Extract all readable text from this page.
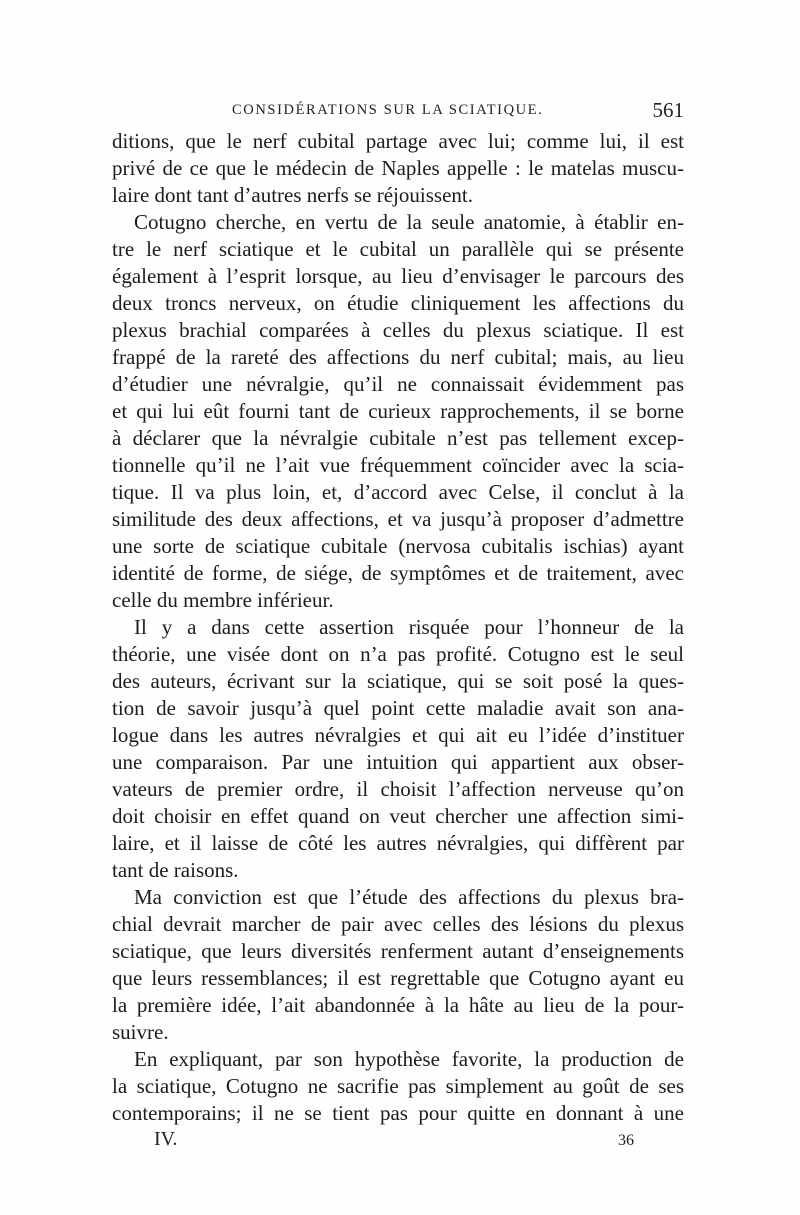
CONSIDÉRATIONS SUR LA SCIATIQUE.	561
ditions, que le nerf cubital partage avec lui; comme lui, il est
privé de ce que le médecin de Naples appelle : le matelas muscu-
laire dont tant d’autres nerfs se réjouissent.
Cotugno cherche, en vertu de la seule anatomie, à établir en-
tre le nerf sciatique et le cubital un parallèle qui se présente
également à l’esprit lorsque, au lieu d’envisager le parcours des
deux troncs nerveux, on étudie cliniquement les affections du
plexus brachial comparées à celles du plexus sciatique. Il est
frappé de la rareté des affections du nerf cubital; mais, au lieu
d’étudier une névralgie, qu’il ne connaissait évidemment pas
et qui lui eût fourni tant de curieux rapprochements, il se borne
à déclarer que la névralgie cubitale n’est pas tellement excep-
tionnelle qu’il ne l’ait vue fréquemment coïncider avec la scia-
tique. Il va plus loin, et, d’accord avec Celse, il conclut à la
similitude des deux affections, et va jusqu’à proposer d’admettre
une sorte de sciatique cubitale (nervosa cubitalis ischias) ayant
identité de forme, de siége, de symptômes et de traitement, avec
celle du membre inférieur.
Il y a dans cette assertion risquée pour l’honneur de la
théorie, une visée dont on n’a pas profité. Cotugno est le seul
des auteurs, écrivant sur la sciatique, qui se soit posé la ques-
tion de savoir jusqu’à quel point cette maladie avait son ana-
logue dans les autres névralgies et qui ait eu l’idée d’instituer
une comparaison. Par une intuition qui appartient aux obser-
vateurs de premier ordre, il choisit l’affection nerveuse qu’on
doit choisir en effet quand on veut chercher une affection simi-
laire, et il laisse de côté les autres névralgies, qui diffèrent par
tant de raisons.
Ma conviction est que l’étude des affections du plexus bra-
chial devrait marcher de pair avec celles des lésions du plexus
sciatique, que leurs diversités renferment autant d’enseignements
que leurs ressemblances; il est regrettable que Cotugno ayant eu
la première idée, l’ait abandonnée à la hâte au lieu de la pour-
suivre.
En expliquant, par son hypothèse favorite, la production de
la sciatique, Cotugno ne sacrifie pas simplement au goût de ses
contemporains; il ne se tient pas pour quitte en donnant à une
IV.	36
